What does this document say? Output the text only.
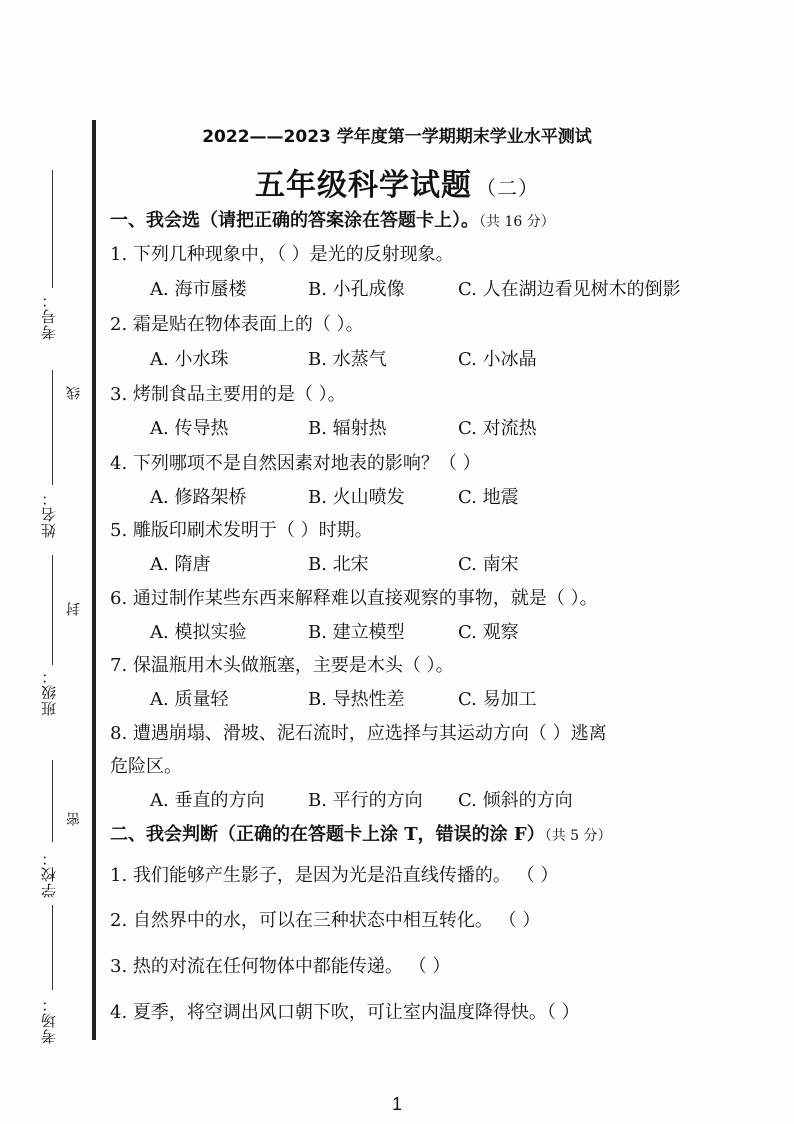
考号：
姓名：
班级：
学校：
考场：
线
封
密
2022——2023 学年度第一学期期末学业水平测试
五年级科学试题 （二）
一、我会选（请把正确的答案涂在答题卡上）。（共 16 分）
1. 下列几种现象中，（ ）是光的反射现象。
A. 海市蜃楼	B. 小孔成像	C. 人在湖边看见树木的倒影
2. 霜是贴在物体表面上的（ ）。
A. 小水珠	B. 水蒸气	C. 小冰晶
3. 烤制食品主要用的是（ ）。
A. 传导热	B. 辐射热	C. 对流热
4. 下列哪项不是自然因素对地表的影响？（ ）
A. 修路架桥	B. 火山喷发	C. 地震
5. 雕版印刷术发明于（ ）时期。
A. 隋唐	B. 北宋	C. 南宋
6. 通过制作某些东西来解释难以直接观察的事物，就是（ ）。
A. 模拟实验	B. 建立模型	C. 观察
7. 保温瓶用木头做瓶塞，主要是木头（ ）。
A. 质量轻	B. 导热性差	C. 易加工
8. 遭遇崩塌、滑坡、泥石流时，应选择与其运动方向（ ）逃离
危险区。
A. 垂直的方向 B. 平行的方向 C. 倾斜的方向
二、我会判断（正确的在答题卡上涂 T，错误的涂 F）（共 5 分）
1. 我们能够产生影子，是因为光是沿直线传播的。 （ ）
2. 自然界中的水，可以在三种状态中相互转化。 （ ）
3. 热的对流在任何物体中都能传递。 （ ）
4. 夏季，将空调出风口朝下吹，可让室内温度降得快。（ ）
1
